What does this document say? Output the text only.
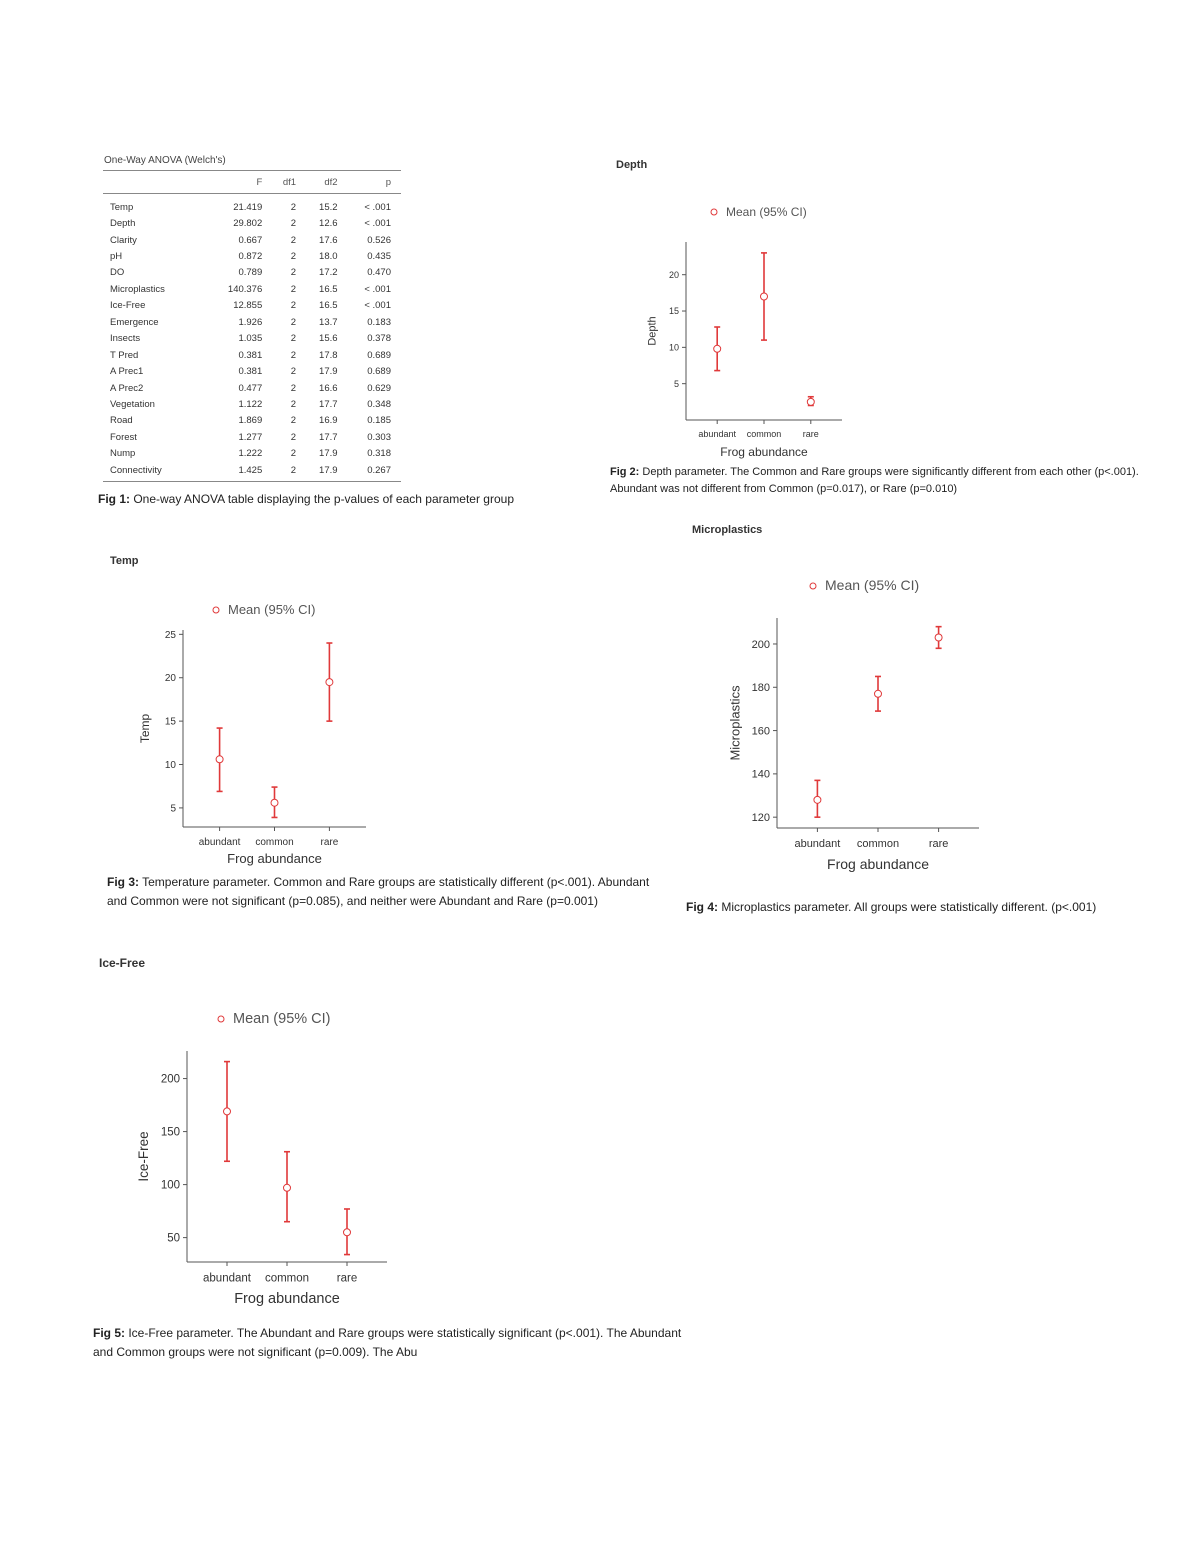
One-Way ANOVA (Welch's)
	F	df1	df2	p
Temp	21.419	2	15.2	< .001
Depth	29.802	2	12.6	< .001
Clarity	0.667	2	17.6	0.526
pH	0.872	2	18.0	0.435
DO	0.789	2	17.2	0.470
Microplastics	140.376	2	16.5	< .001
Ice-Free	12.855	2	16.5	< .001
Emergence	1.926	2	13.7	0.183
Insects	1.035	2	15.6	0.378
T Pred	0.381	2	17.8	0.689
A Prec1	0.381	2	17.9	0.689
A Prec2	0.477	2	16.6	0.629
Vegetation	1.122	2	17.7	0.348
Road	1.869	2	16.9	0.185
Forest	1.277	2	17.7	0.303
Nump	1.222	2	17.9	0.318
Connectivity	1.425	2	17.9	0.267
Fig 1: One-way ANOVA table displaying the p-values of each parameter group
Depth
Mean (95% CI)
5
10
15
20
Depth
abundant common rare
Frog abundance
Fig 2: Depth parameter. The Common and Rare groups were significantly different from each other (p<.001). Abundant was not different from Common (p=0.017), or Rare (p=0.010)
Microplastics
Temp
Mean (95% CI)
5
10
15
20
25
Temp
abundant common	rare
Frog abundance
Fig 3: Temperature parameter. Common and Rare groups are statistically different (p<.001). Abundant and Common were not significant (p=0.085), and neither were Abundant and Rare (p=0.001)
Mean (95% CI)
120
140
160
180
200
Microplastics
abundant common	rare
Frog abundance
Fig 4: Microplastics parameter. All groups were statistically different. (p<.001)
Ice-Free
Mean (95% CI)
50
100
150
200
Ice-Free
abundant common rare
Frog abundance
Fig 5: Ice-Free parameter. The Abundant and Rare groups were statistically significant (p<.001). The Abundant and Common groups were not significant (p=0.009). The Abu
